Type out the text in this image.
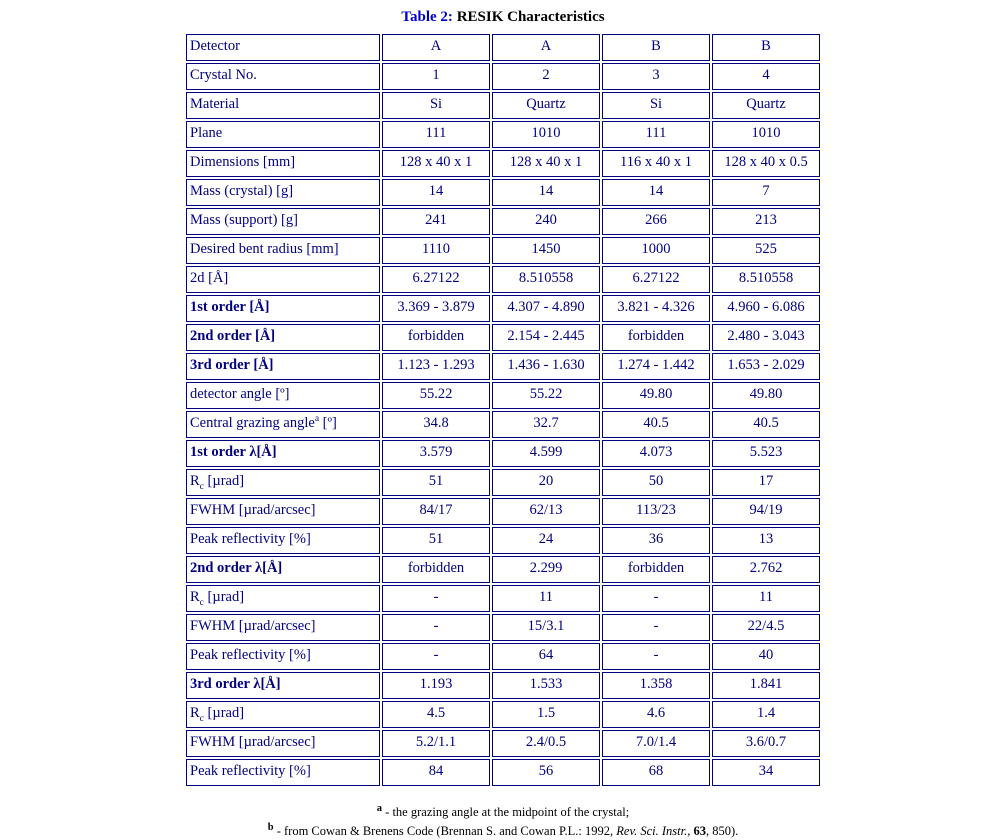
Table 2: RESIK Characteristics
Detector	A	A	B	B
Crystal No.	1	2	3	4
Material	Si	Quartz	Si	Quartz
Plane	111	1010	111	1010
Dimensions [mm]	128 x 40 x 1	128 x 40 x 1	116 x 40 x 1	128 x 40 x 0.5
Mass (crystal) [g]	14	14	14	7
Mass (support) [g]	241	240	266	213
Desired bent radius [mm]	1110	1450	1000	525
2d [Å]	6.27122	8.510558	6.27122	8.510558
1st order [Å]	3.369 - 3.879	4.307 - 4.890	3.821 - 4.326	4.960 - 6.086
2nd order [Å]	forbidden	2.154 - 2.445	forbidden	2.480 - 3.043
3rd order [Å]	1.123 - 1.293	1.436 - 1.630	1.274 - 1.442	1.653 - 2.029
detector angle [º]	55.22	55.22	49.80	49.80
Central grazing angle$^a$ [º]	34.8	32.7	40.5	40.5
1st order λ[Å]	3.579	4.599	4.073	5.523
$R_c$ [µrad]	51	20	50	17
FWHM [µrad/arcsec]	84/17	62/13	113/23	94/19
Peak reflectivity [%]	51	24	36	13
2nd order λ[Å]	forbidden	2.299	forbidden	2.762
$R_c$ [µrad]	-	11	-	11
FWHM [µrad/arcsec]	-	15/3.1	-	22/4.5
Peak reflectivity [%]	-	64	-	40
3rd order λ[Å]	1.193	1.533	1.358	1.841
$R_c$ [µrad]	4.5	1.5	4.6	1.4
FWHM [µrad/arcsec]	5.2/1.1	2.4/0.5	7.0/1.4	3.6/0.7
Peak reflectivity [%]	84	56	68	34
$^a$ - the grazing angle at the midpoint of the crystal;
$^b$ - from Cowan & Brenens Code (Brennan S. and Cowan P.L.: 1992, Rev. Sci. Instr., 63, 850).
